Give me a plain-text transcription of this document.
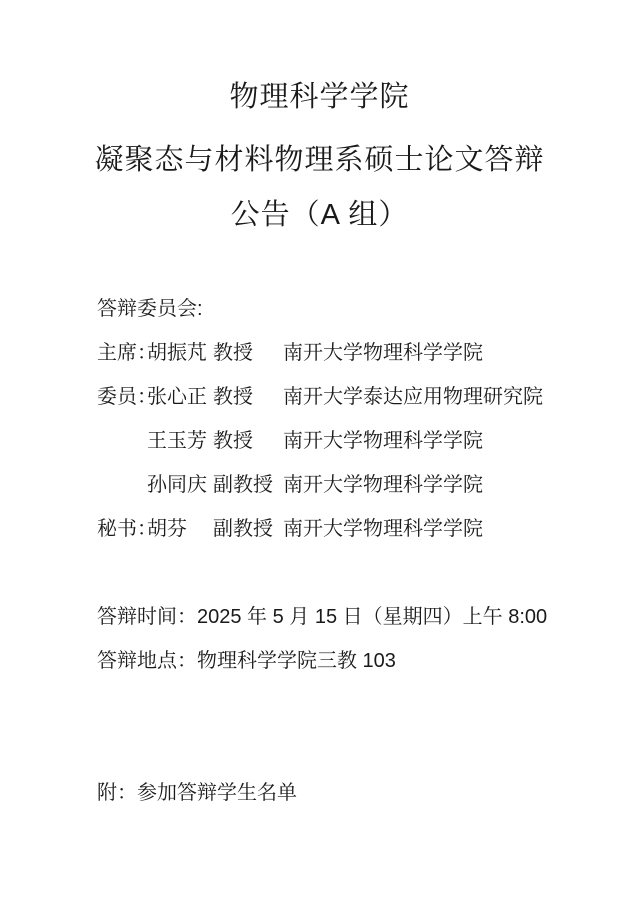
物理科学学院
凝聚态与材料物理系硕士论文答辩
公告（A 组）
答辩委员会:
主席：
胡振芃 教授	南开大学物理科学学院
委员：
张心正 教授	南开大学泰达应用物理研究院
王玉芳 教授	南开大学物理科学学院
孙同庆 副教授 南开大学物理科学学院
秘书：
胡芬	副教授 南开大学物理科学学院
答辩时间：2025 年 5 月 15 日（星期四）上午 8:00
答辩地点：物理科学学院三教 103
附：参加答辩学生名单
